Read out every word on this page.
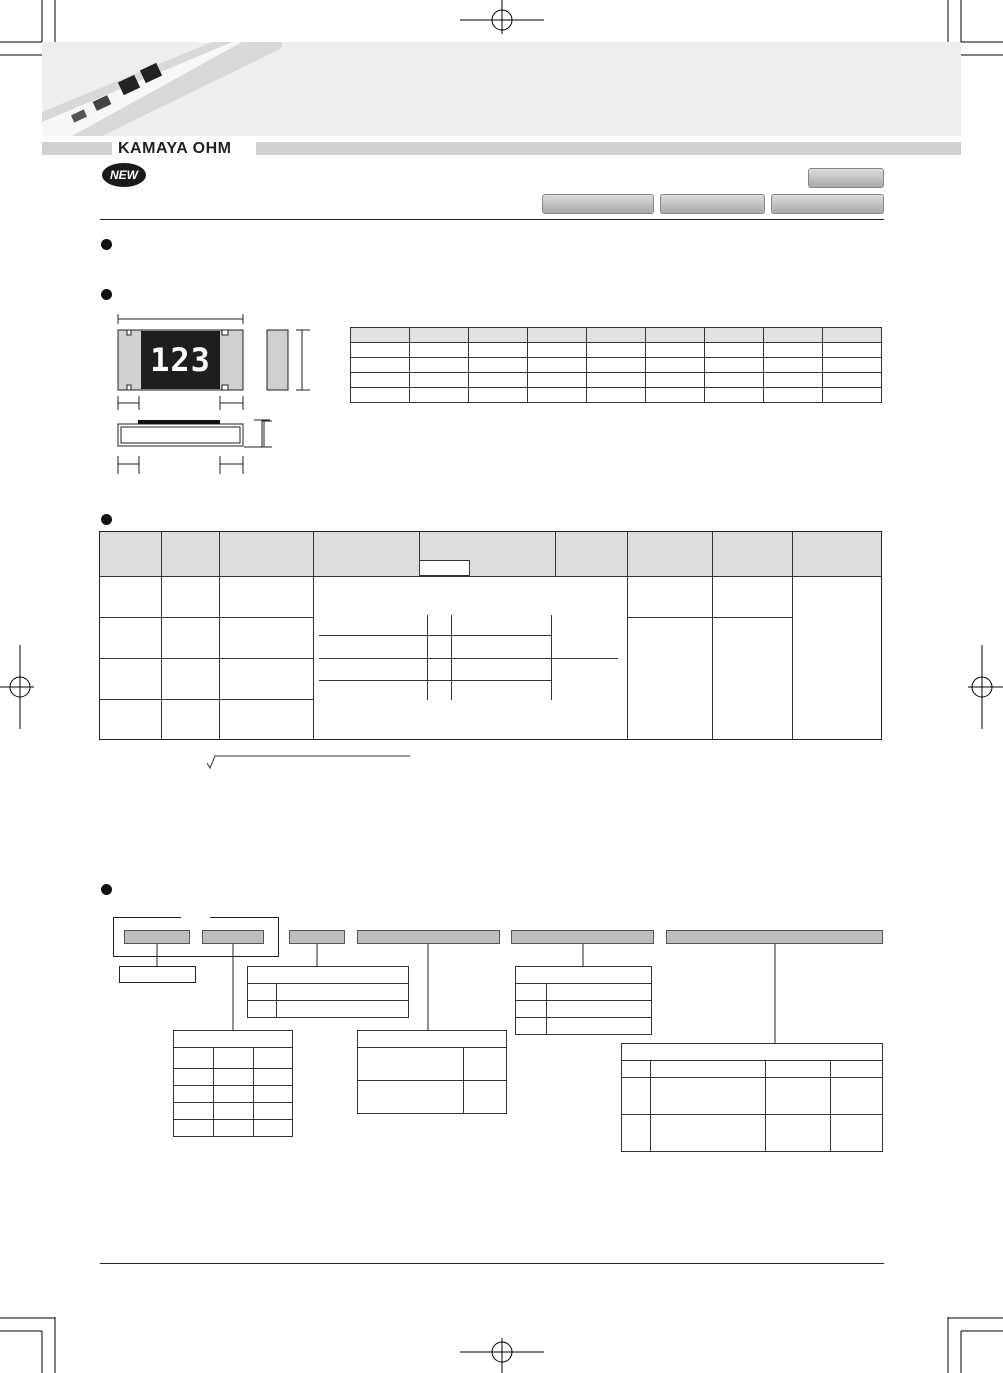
KAMAYA OHM
NEW
123
